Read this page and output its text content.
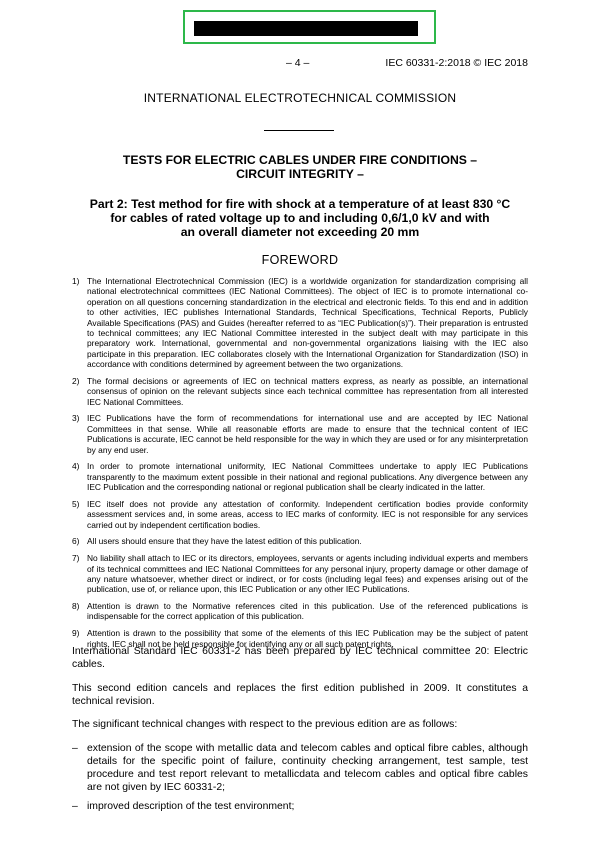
– 4 –	IEC 60331-2:2018 © IEC 2018
INTERNATIONAL ELECTROTECHNICAL COMMISSION
TESTS FOR ELECTRIC CABLES UNDER FIRE CONDITIONS –
CIRCUIT INTEGRITY –
Part 2: Test method for fire with shock at a temperature of at least 830 °C
for cables of rated voltage up to and including 0,6/1,0 kV and with
an overall diameter not exceeding 20 mm
FOREWORD
1) The International Electrotechnical Commission (IEC) is a worldwide organization for standardization comprising all national electrotechnical committees (IEC National Committees). The object of IEC is to promote international co-operation on all questions concerning standardization in the electrical and electronic fields. To this end and in addition to other activities, IEC publishes International Standards, Technical Specifications, Technical Reports, Publicly Available Specifications (PAS) and Guides (hereafter referred to as “IEC Publication(s)”). Their preparation is entrusted to technical committees; any IEC National Committee interested in the subject dealt with may participate in this preparatory work. International, governmental and non-governmental organizations liaising with the IEC also participate in this preparation. IEC collaborates closely with the International Organization for Standardization (ISO) in accordance with conditions determined by agreement between the two organizations.
2) The formal decisions or agreements of IEC on technical matters express, as nearly as possible, an international consensus of opinion on the relevant subjects since each technical committee has representation from all interested IEC National Committees.
3) IEC Publications have the form of recommendations for international use and are accepted by IEC National Committees in that sense. While all reasonable efforts are made to ensure that the technical content of IEC Publications is accurate, IEC cannot be held responsible for the way in which they are used or for any misinterpretation by any end user.
4) In order to promote international uniformity, IEC National Committees undertake to apply IEC Publications transparently to the maximum extent possible in their national and regional publications. Any divergence between any IEC Publication and the corresponding national or regional publication shall be clearly indicated in the latter.
5) IEC itself does not provide any attestation of conformity. Independent certification bodies provide conformity assessment services and, in some areas, access to IEC marks of conformity. IEC is not responsible for any services carried out by independent certification bodies.
6) All users should ensure that they have the latest edition of this publication.
7) No liability shall attach to IEC or its directors, employees, servants or agents including individual experts and members of its technical committees and IEC National Committees for any personal injury, property damage or other damage of any nature whatsoever, whether direct or indirect, or for costs (including legal fees) and expenses arising out of the publication, use of, or reliance upon, this IEC Publication or any other IEC Publications.
8) Attention is drawn to the Normative references cited in this publication. Use of the referenced publications is indispensable for the correct application of this publication.
9) Attention is drawn to the possibility that some of the elements of this IEC Publication may be the subject of patent rights. IEC shall not be held responsible for identifying any or all such patent rights.

International Standard IEC 60331-2 has been prepared by IEC technical committee 20: Electric cables.

This second edition cancels and replaces the first edition published in 2009. It constitutes a technical revision.

The significant technical changes with respect to the previous edition are as follows:

– extension of the scope with metallic data and telecom cables and optical fibre cables, although details for the specific point of failure, continuity checking arrangement, test sample, test procedure and test report relevant to metallicdata and telecom cables and optical fibre cables are not given by IEC 60331-2;
– improved description of the test environment;
